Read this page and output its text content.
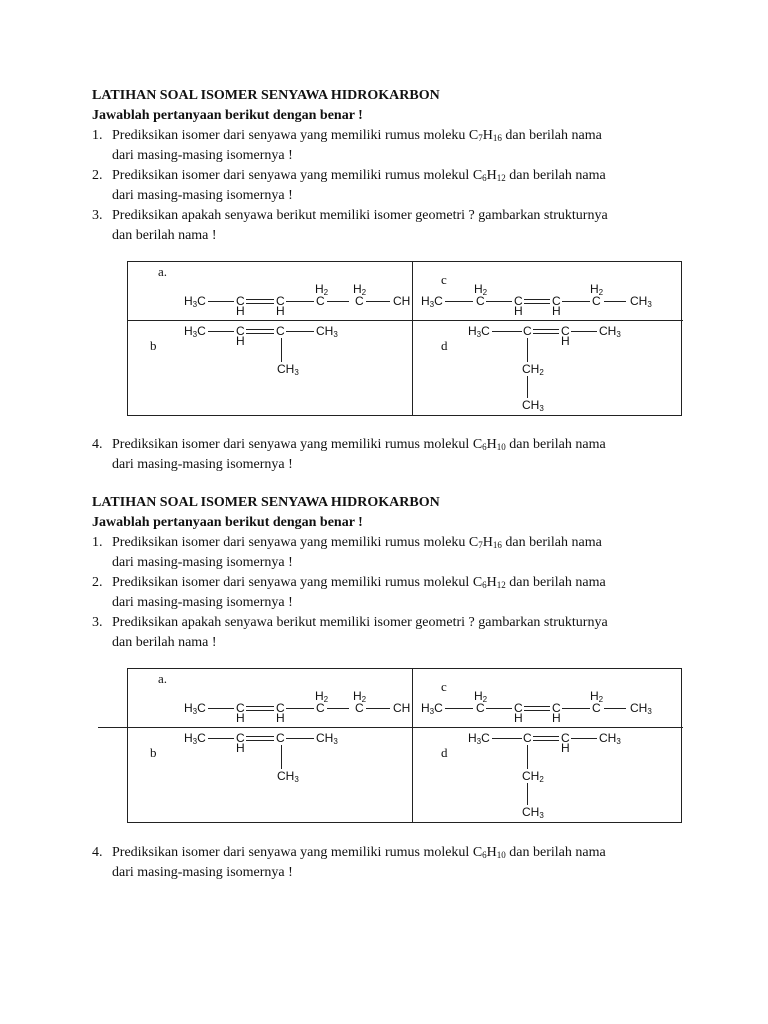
LATIHAN SOAL ISOMER SENYAWA HIDROKARBON
Jawablah pertanyaan berikut dengan benar !
1. Prediksikan isomer dari senyawa yang memiliki rumus moleku $C_7H_{16}$ dan berilah nama
dari masing-masing isomernya !
2. Prediksikan isomer dari senyawa yang memiliki rumus molekul $C_6H_{12}$ dan berilah nama
dari masing-masing isomernya !
3. Prediksikan apakah senyawa berikut memiliki isomer geometri ? gambarkan strukturnya
dan berilah nama !
a.
$H_3C$	C
H
C
H
$H_2$
C
$H_2$
C CH
c
$H_3C$
$H_2$
C C
H
C
H
$H_2$
C $CH_3$
b
$H_3C$	C
H
C	$CH_3$
$CH_3$
d
$H_3C$	C C
H
$CH_3$
$CH_2$
$CH_3$
4. Prediksikan isomer dari senyawa yang memiliki rumus molekul $C_6H_{10}$ dan berilah nama
dari masing-masing isomernya !
LATIHAN SOAL ISOMER SENYAWA HIDROKARBON
Jawablah pertanyaan berikut dengan benar !
1. Prediksikan isomer dari senyawa yang memiliki rumus moleku $C_7H_{16}$ dan berilah nama
dari masing-masing isomernya !
2. Prediksikan isomer dari senyawa yang memiliki rumus molekul $C_6H_{12}$ dan berilah nama
dari masing-masing isomernya !
3. Prediksikan apakah senyawa berikut memiliki isomer geometri ? gambarkan strukturnya
dan berilah nama !
a.
$H_3C$	C
H
C
H
$H_2$
C
$H_2$
C CH
c
$H_3C$
$H_2$
C C
H
C
H
$H_2$
C $CH_3$
b
$H_3C$	C
H
C	$CH_3$
$CH_3$
d
$H_3C$	C C
H
$CH_3$
$CH_2$
$CH_3$
4. Prediksikan isomer dari senyawa yang memiliki rumus molekul $C_6H_{10}$ dan berilah nama
dari masing-masing isomernya !
